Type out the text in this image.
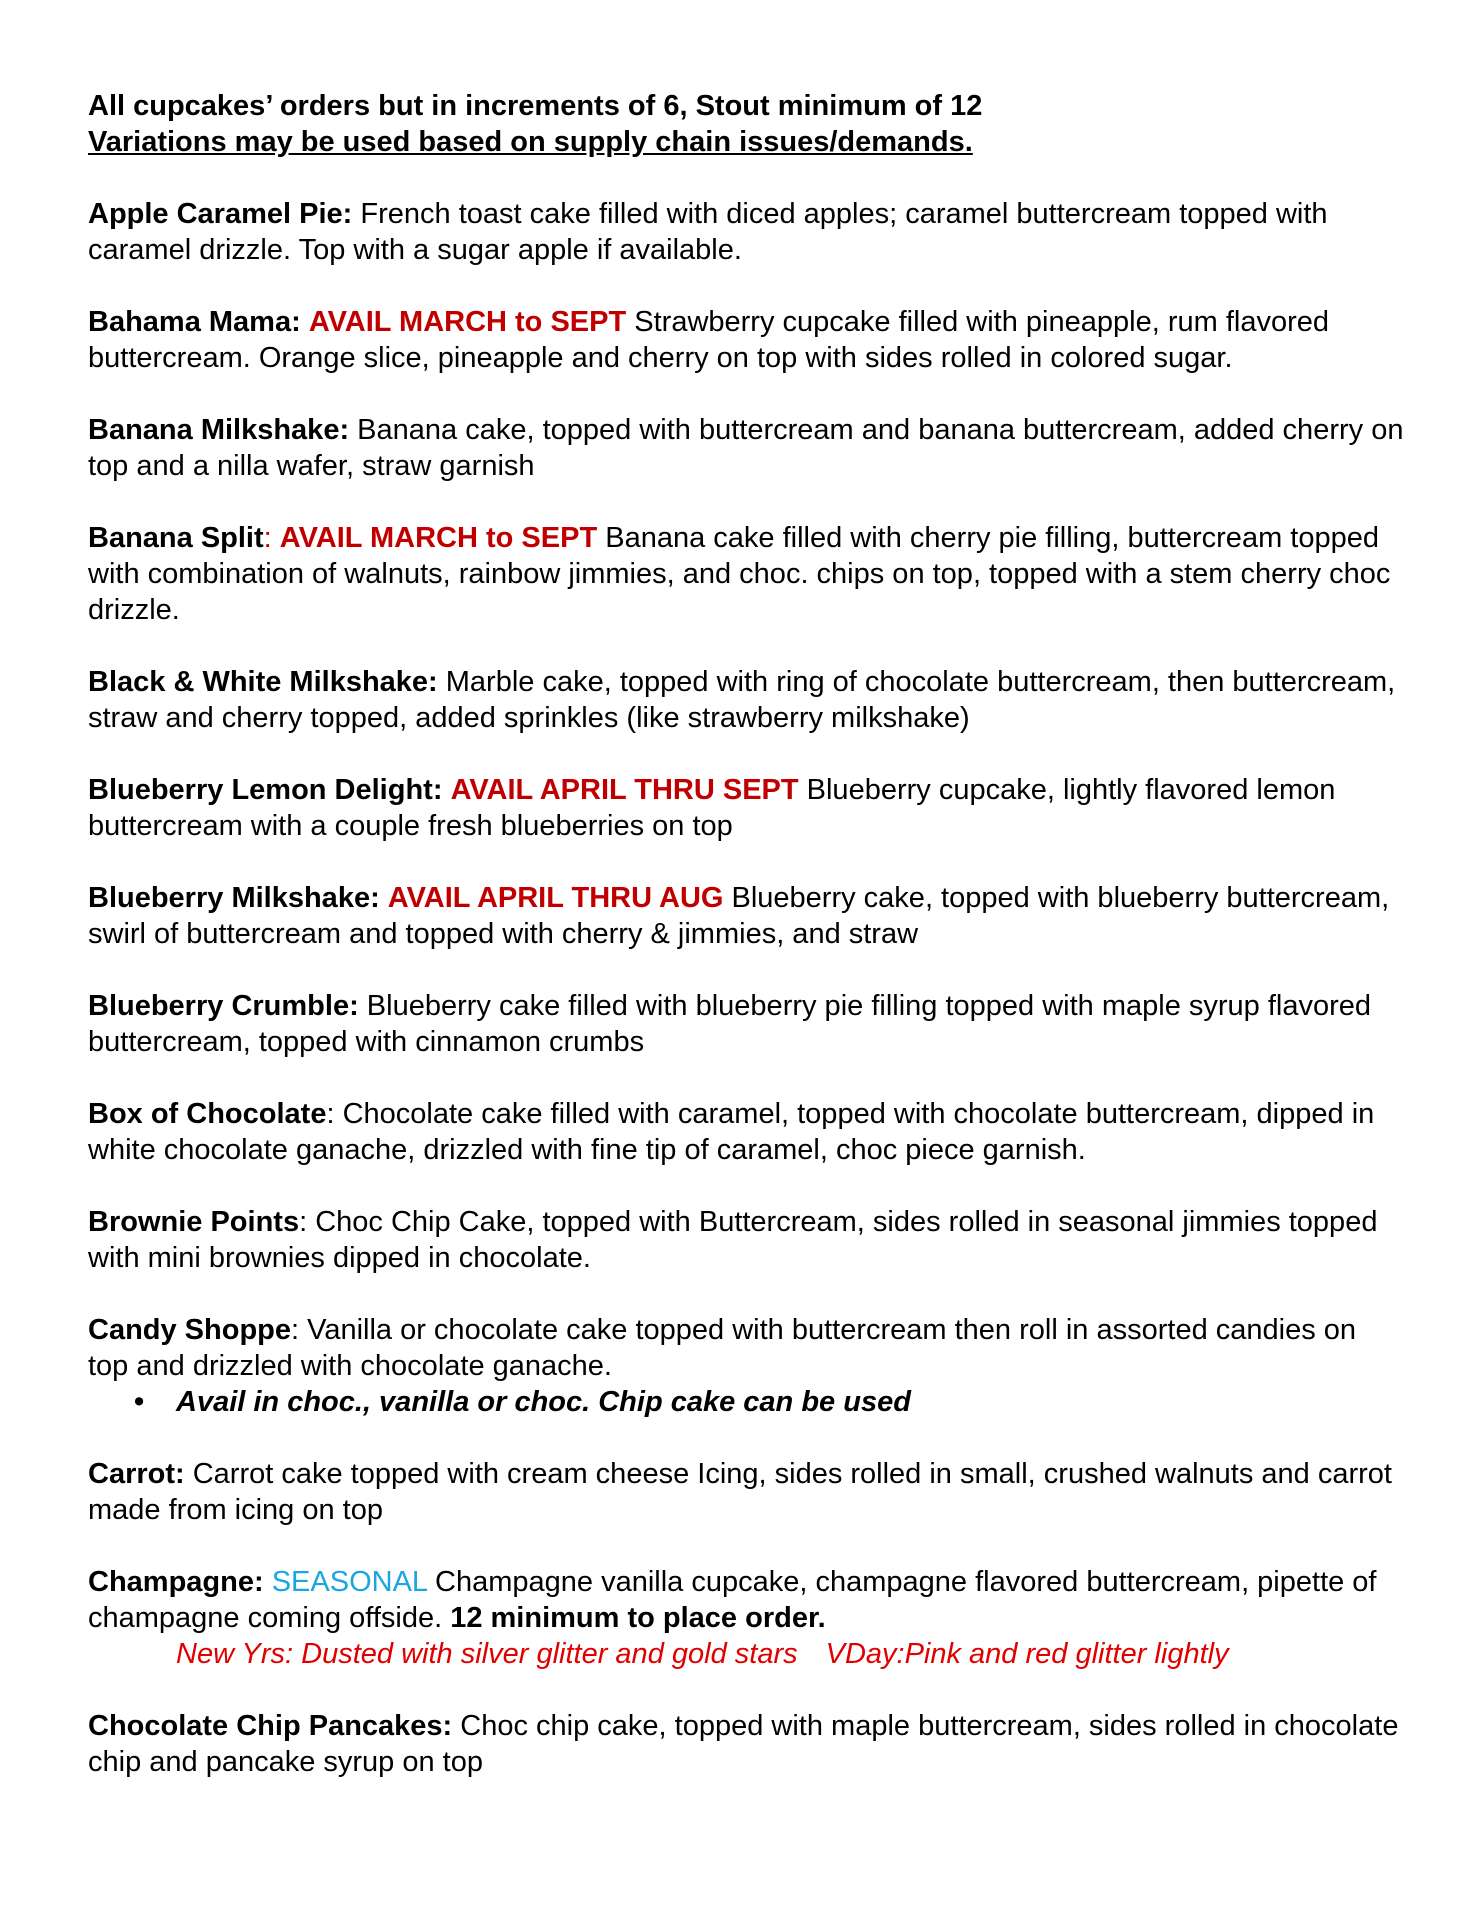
All cupcakes’ orders but in increments of 6, Stout minimum of 12
Variations may be used based on supply chain issues/demands.

Apple Caramel Pie: French toast cake filled with diced apples; caramel buttercream topped with caramel drizzle. Top with a sugar apple if available.

Bahama Mama: AVAIL MARCH to SEPT Strawberry cupcake filled with pineapple, rum flavored buttercream. Orange slice, pineapple and cherry on top with sides rolled in colored sugar.

Banana Milkshake: Banana cake, topped with buttercream and banana buttercream, added cherry on top and a nilla wafer, straw garnish

Banana Split: AVAIL MARCH to SEPT Banana cake filled with cherry pie filling, buttercream topped with combination of walnuts, rainbow jimmies, and choc. chips on top, topped with a stem cherry choc drizzle.

Black & White Milkshake: Marble cake, topped with ring of chocolate buttercream, then buttercream, straw and cherry topped, added sprinkles (like strawberry milkshake)

Blueberry Lemon Delight: AVAIL APRIL THRU SEPT Blueberry cupcake, lightly flavored lemon buttercream with a couple fresh blueberries on top

Blueberry Milkshake: AVAIL APRIL THRU AUG Blueberry cake, topped with blueberry buttercream, swirl of buttercream and topped with cherry & jimmies, and straw

Blueberry Crumble: Blueberry cake filled with blueberry pie filling topped with maple syrup flavored buttercream, topped with cinnamon crumbs

Box of Chocolate: Chocolate cake filled with caramel, topped with chocolate buttercream, dipped in white chocolate ganache, drizzled with fine tip of caramel, choc piece garnish.

Brownie Points: Choc Chip Cake, topped with Buttercream, sides rolled in seasonal jimmies topped with mini brownies dipped in chocolate.

Candy Shoppe: Vanilla or chocolate cake topped with buttercream then roll in assorted candies on top and drizzled with chocolate ganache.

• Avail in choc., vanilla or choc. Chip cake can be used

Carrot: Carrot cake topped with cream cheese Icing, sides rolled in small, crushed walnuts and carrot made from icing on top

Champagne: SEASONAL Champagne vanilla cupcake, champagne flavored buttercream, pipette of champagne coming offside. 12 minimum to place order.

New Yrs: Dusted with silver glitter and gold stars VDay:Pink and red glitter lightly

Chocolate Chip Pancakes: Choc chip cake, topped with maple buttercream, sides rolled in chocolate chip and pancake syrup on top
